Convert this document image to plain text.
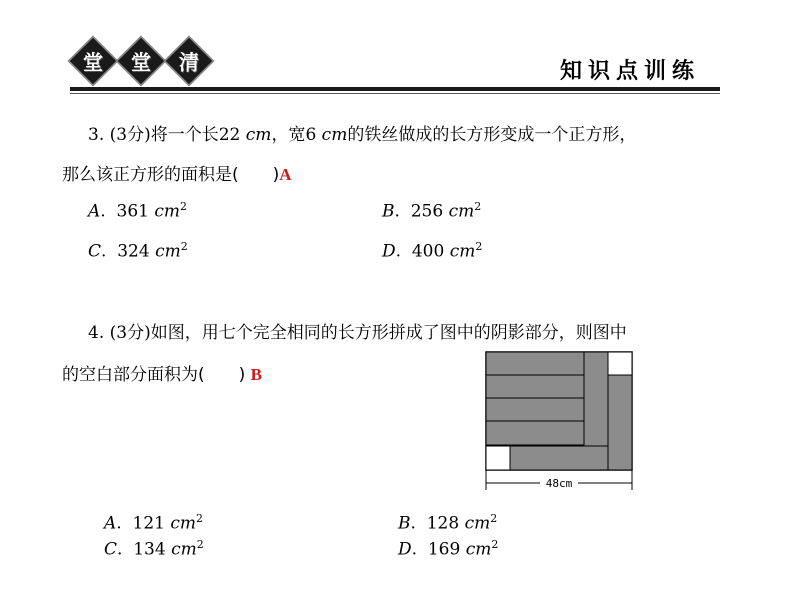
堂 堂 清	知识点训练
3. (3分)将一个长22 cm，宽6 cm的铁丝做成的长方形变成一个正方形，
那么该正方形的面积是(　　)A
A.  361 $cm^2$	B.  256 $cm^2$
C.  324 $cm^2$	D.  400 $cm^2$
4. (3分)如图，用七个完全相同的长方形拼成了图中的阴影部分，则图中
的空白部分面积为(　　) B
48cm
A.  121 $cm^2$	B.  128 $cm^2$
C.  134 $cm^2$	D.  169 $cm^2$
